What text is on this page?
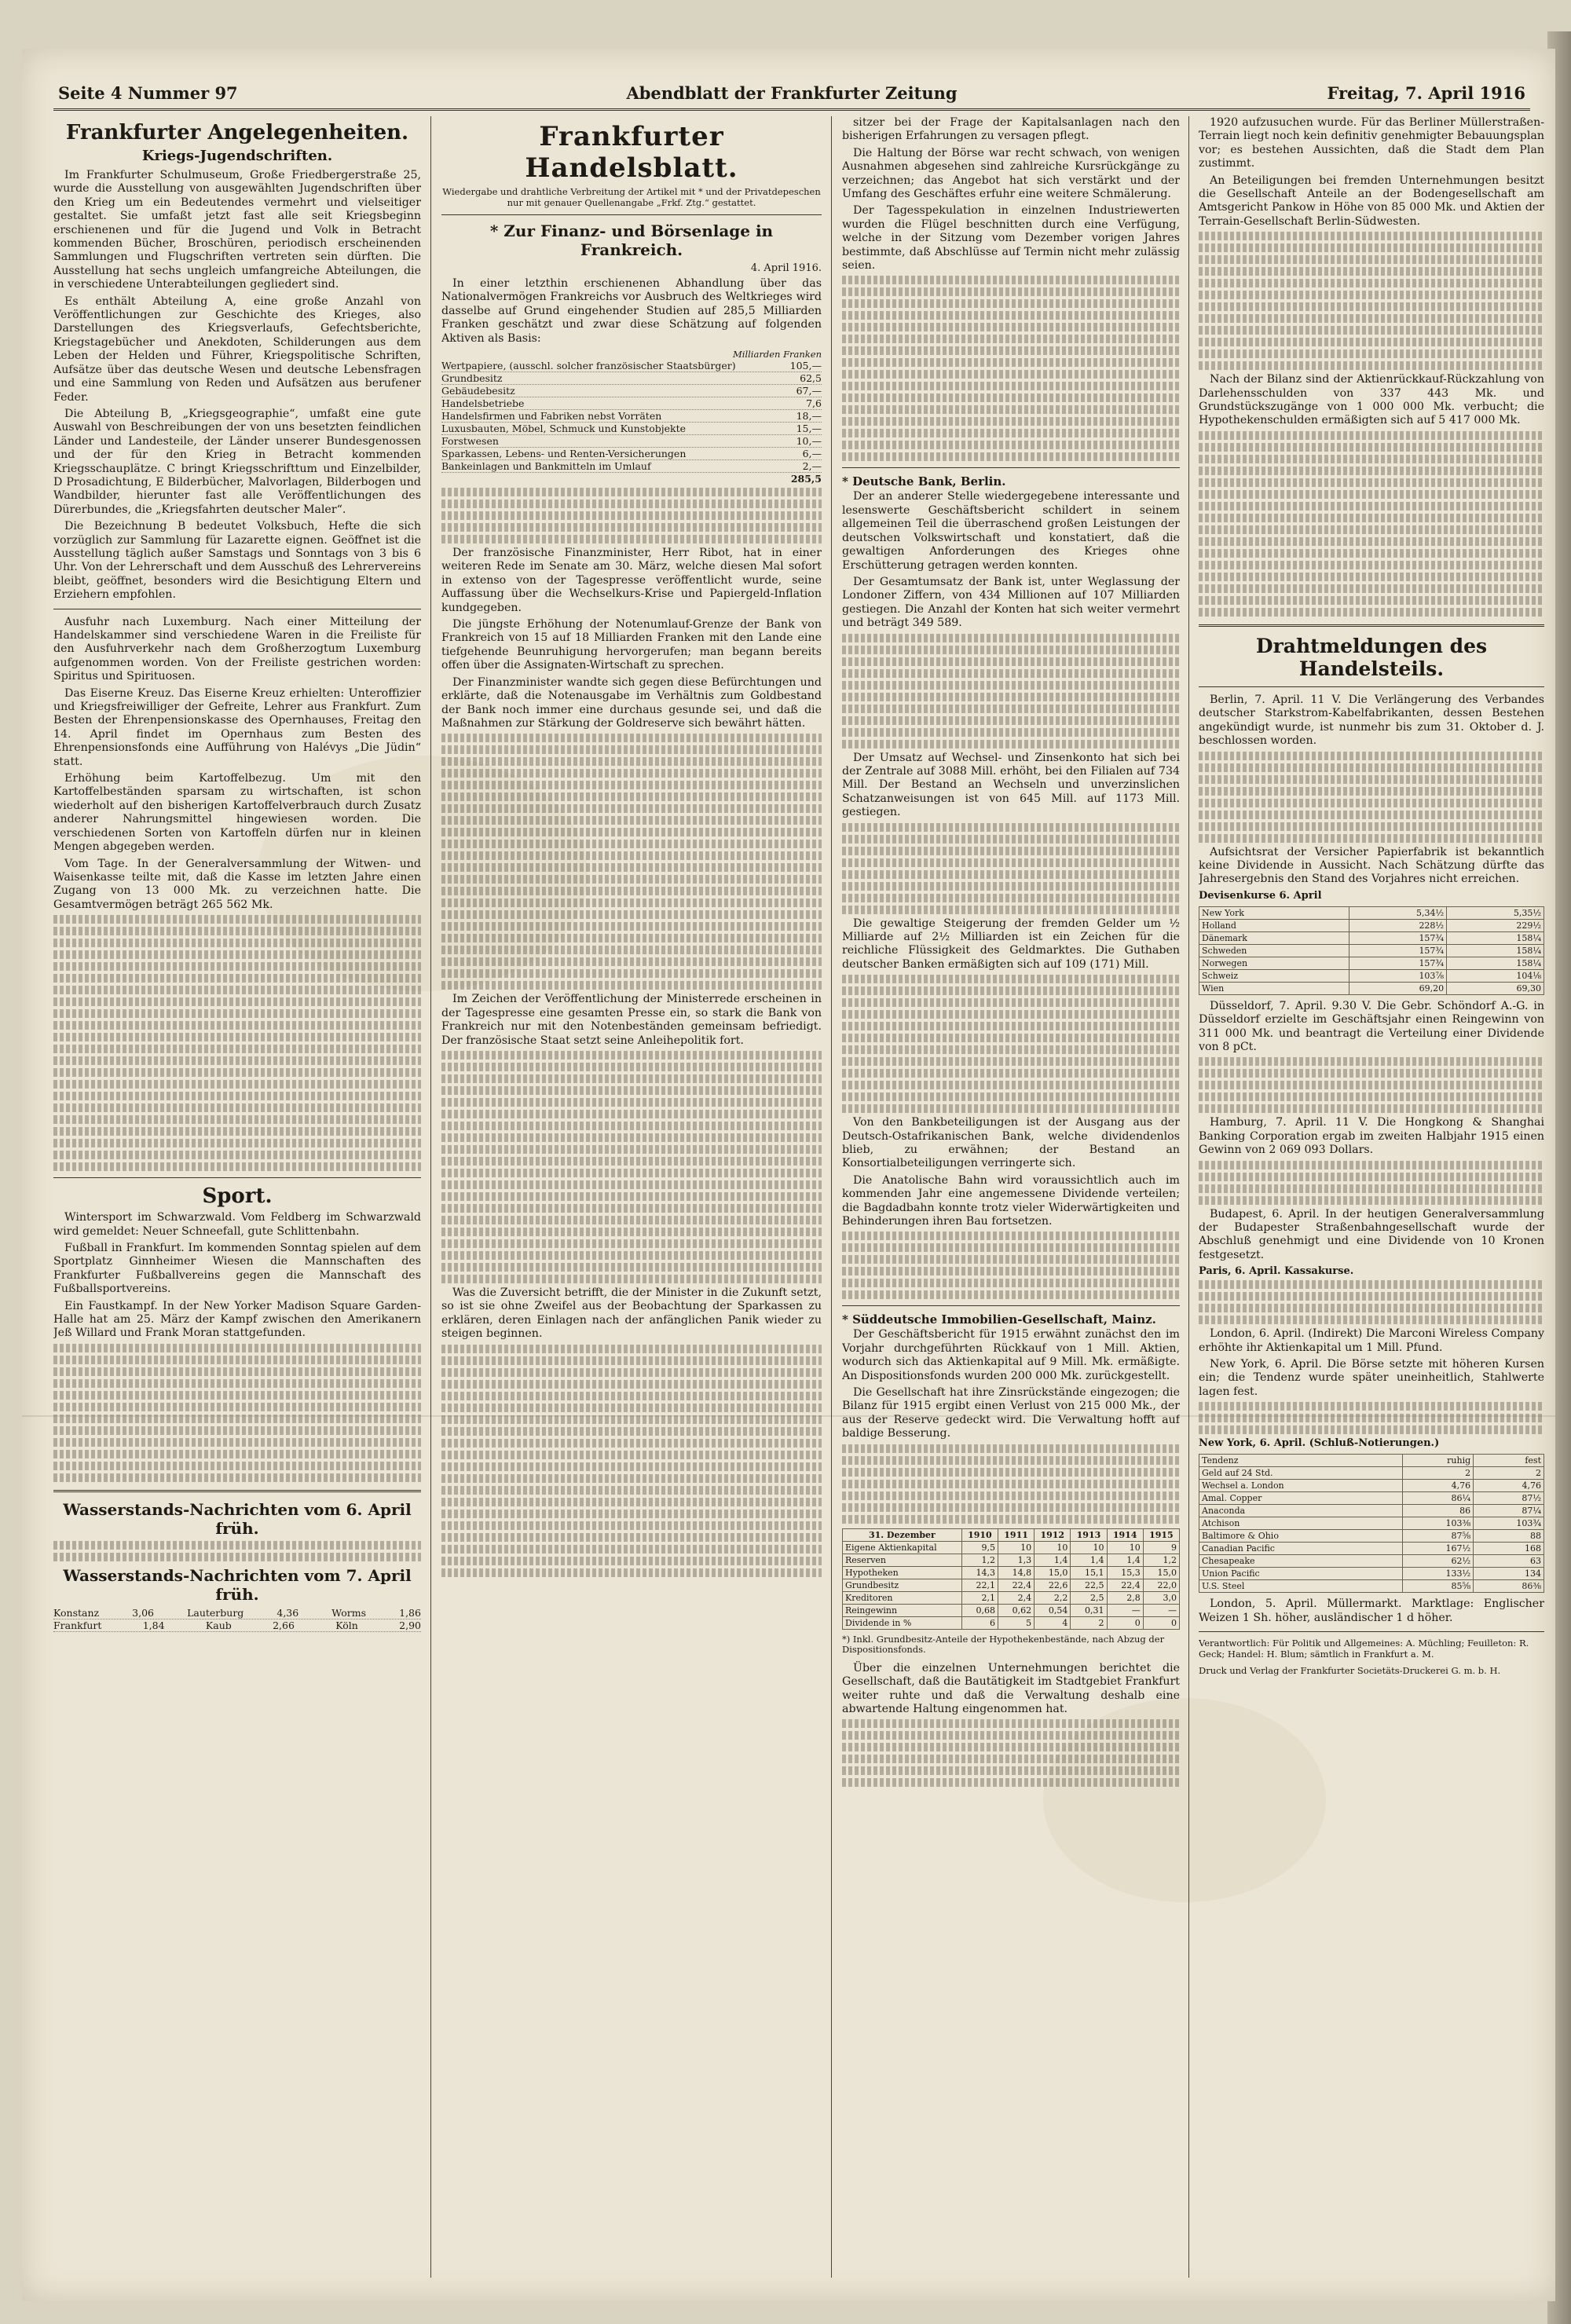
Seite 4 Nummer 97	Abendblatt der Frankfurter Zeitung	Freitag, 7. April 1916
Frankfurter Angelegenheiten.
Kriegs-Jugendschriften.

Im Frankfurter Schulmuseum, Große Friedbergerstraße 25, wurde die Ausstellung von ausgewählten Jugendschriften über den Krieg um ein Bedeutendes vermehrt und vielseitiger gestaltet. Sie umfaßt jetzt fast alle seit Kriegsbeginn erschienenen und für die Jugend und Volk in Betracht kommenden Bücher, Broschüren, periodisch erscheinenden Sammlungen und Flugschriften vertreten sein dürften. Die Ausstellung hat sechs ungleich umfangreiche Abteilungen, die in verschiedene Unterabteilungen gegliedert sind.

Es enthält Abteilung A, eine große Anzahl von Veröffentlichungen zur Geschichte des Krieges, also Darstellungen des Kriegsverlaufs, Gefechtsberichte, Kriegstagebücher und Anekdoten, Schilderungen aus dem Leben der Helden und Führer, Kriegspolitische Schriften, Aufsätze über das deutsche Wesen und deutsche Lebensfragen und eine Sammlung von Reden und Aufsätzen aus berufener Feder.

Die Abteilung B, „Kriegsgeographie“, umfaßt eine gute Auswahl von Beschreibungen der von uns besetzten feindlichen Länder und Landesteile, der Länder unserer Bundesgenossen und der für den Krieg in Betracht kommenden Kriegsschauplätze. C bringt Kriegsschrifttum und Einzelbilder, D Prosadichtung, E Bilderbücher, Malvorlagen, Bilderbogen und Wandbilder, hierunter fast alle Veröffentlichungen des Dürerbundes, die „Kriegsfahrten deutscher Maler“.

Die Bezeichnung B bedeutet Volksbuch, Hefte die sich vorzüglich zur Sammlung für Lazarette eignen. Geöffnet ist die Ausstellung täglich außer Samstags und Sonntags von 3 bis 6 Uhr. Von der Lehrerschaft und dem Ausschuß des Lehrervereins bleibt, geöffnet, besonders wird die Besichtigung Eltern und Erziehern empfohlen.

Ausfuhr nach Luxemburg. Nach einer Mitteilung der Handelskammer sind verschiedene Waren in die Freiliste für den Ausfuhrverkehr nach dem Großherzogtum Luxemburg aufgenommen worden. Von der Freiliste gestrichen worden: Spiritus und Spirituosen.

Das Eiserne Kreuz. Das Eiserne Kreuz erhielten: Unteroffizier und Kriegsfreiwilliger der Gefreite, Lehrer aus Frankfurt. Zum Besten der Ehrenpensionskasse des Opernhauses, Freitag den 14. April findet im Opernhaus zum Besten des Ehrenpensionsfonds eine Aufführung von Halévys „Die Jüdin“ statt.

Erhöhung beim Kartoffelbezug. Um mit den Kartoffelbeständen sparsam zu wirtschaften, ist schon wiederholt auf den bisherigen Kartoffelverbrauch durch Zusatz anderer Nahrungsmittel hingewiesen worden. Die verschiedenen Sorten von Kartoffeln dürfen nur in kleinen Mengen abgegeben werden.

Vom Tage. In der Generalversammlung der Witwen- und Waisenkasse teilte mit, daß die Kasse im letzten Jahre einen Zugang von 13 000 Mk. zu verzeichnen hatte. Die Gesamtvermögen beträgt 265 562 Mk.

Sport.

Wintersport im Schwarzwald. Vom Feldberg im Schwarzwald wird gemeldet: Neuer Schneefall, gute Schlittenbahn.

Fußball in Frankfurt. Im kommenden Sonntag spielen auf dem Sportplatz Ginnheimer Wiesen die Mannschaften des Frankfurter Fußballvereins gegen die Mannschaft des Fußballsportvereins.

Ein Faustkampf. In der New Yorker Madison Square Garden-Halle hat am 25. März der Kampf zwischen den Amerikanern Jeß Willard und Frank Moran stattgefunden.

Wasserstands-Nachrichten vom 6. April früh.
Wasserstands-Nachrichten vom 7. April früh.
Konstanz	3,06	Lauterburg	4,36	Worms	1,86
Frankfurt	1,84	Kaub	2,66	Köln	2,90
Frankfurter Handelsblatt.
Wiedergabe und drahtliche Verbreitung der Artikel mit * und der Privatdepeschen nur mit genauer Quellenangabe „Frkf. Ztg.“ gestattet.
* Zur Finanz- und Börsenlage in Frankreich.
4. April 1916.

In einer letzthin erschienenen Abhandlung über das Nationalvermögen Frankreichs vor Ausbruch des Weltkrieges wird dasselbe auf Grund eingehender Studien auf 285,5 Milliarden Franken geschätzt und zwar diese Schätzung auf folgenden Aktiven als Basis:

Milliarden Franken
Wertpapiere, (ausschl. solcher französischer Staatsbürger)	105,—
Grundbesitz	62,5
Gebäudebesitz	67,—
Handelsbetriebe	7,6
Handelsfirmen und Fabriken nebst Vorräten	18,—
Luxusbauten, Möbel, Schmuck und Kunstobjekte	15,—
Forstwesen	10,—
Sparkassen, Lebens- und Renten-Versicherungen	6,—
Bankeinlagen und Bankmitteln im Umlauf	2,—
285,5

Der französische Finanzminister, Herr Ribot, hat in einer weiteren Rede im Senate am 30. März, welche diesen Mal sofort in extenso von der Tagespresse veröffentlicht wurde, seine Auffassung über die Wechselkurs-Krise und Papiergeld-Inflation kundgegeben.

Die jüngste Erhöhung der Notenumlauf-Grenze der Bank von Frankreich von 15 auf 18 Milliarden Franken mit den Lande eine tiefgehende Beunruhigung hervorgerufen; man begann bereits offen über die Assignaten-Wirtschaft zu sprechen.

Der Finanzminister wandte sich gegen diese Befürchtungen und erklärte, daß die Notenausgabe im Verhältnis zum Goldbestand der Bank noch immer eine durchaus gesunde sei, und daß die Maßnahmen zur Stärkung der Goldreserve sich bewährt hätten.

Im Zeichen der Veröffentlichung der Ministerrede erscheinen in der Tagespresse eine gesamten Presse ein, so stark die Bank von Frankreich nur mit den Notenbeständen gemeinsam befriedigt. Der französische Staat setzt seine Anleihepolitik fort.

Was die Zuversicht betrifft, die der Minister in die Zukunft setzt, so ist sie ohne Zweifel aus der Beobachtung der Sparkassen zu erklären, deren Einlagen nach der anfänglichen Panik wieder zu steigen beginnen.

sitzer bei der Frage der Kapitalsanlagen nach den bisherigen Erfahrungen zu versagen pflegt.

Die Haltung der Börse war recht schwach, von wenigen Ausnahmen abgesehen sind zahlreiche Kursrückgänge zu verzeichnen; das Angebot hat sich verstärkt und der Umfang des Geschäftes erfuhr eine weitere Schmälerung.

Der Tagesspekulation in einzelnen Industriewerten wurden die Flügel beschnitten durch eine Verfügung, welche in der Sitzung vom Dezember vorigen Jahres bestimmte, daß Abschlüsse auf Termin nicht mehr zulässig seien.

* Deutsche Bank, Berlin.

Der an anderer Stelle wiedergegebene interessante und lesenswerte Geschäftsbericht schildert in seinem allgemeinen Teil die überraschend großen Leistungen der deutschen Volkswirtschaft und konstatiert, daß die gewaltigen Anforderungen des Krieges ohne Erschütterung getragen werden konnten.

Der Gesamtumsatz der Bank ist, unter Weglassung der Londoner Ziffern, von 434 Millionen auf 107 Milliarden gestiegen. Die Anzahl der Konten hat sich weiter vermehrt und beträgt 349 589.

Der Umsatz auf Wechsel- und Zinsenkonto hat sich bei der Zentrale auf 3088 Mill. erhöht, bei den Filialen auf 734 Mill. Der Bestand an Wechseln und unverzinslichen Schatzanweisungen ist von 645 Mill. auf 1173 Mill. gestiegen.

Die gewaltige Steigerung der fremden Gelder um ½ Milliarde auf 2½ Milliarden ist ein Zeichen für die reichliche Flüssigkeit des Geldmarktes. Die Guthaben deutscher Banken ermäßigten sich auf 109 (171) Mill.

Von den Bankbeteiligungen ist der Ausgang aus der Deutsch-Ostafrikanischen Bank, welche dividendenlos blieb, zu erwähnen; der Bestand an Konsortialbeteiligungen verringerte sich.

Die Anatolische Bahn wird voraussichtlich auch im kommenden Jahr eine angemessene Dividende verteilen; die Bagdadbahn konnte trotz vieler Widerwärtigkeiten und Behinderungen ihren Bau fortsetzen.

* Süddeutsche Immobilien-Gesellschaft, Mainz.

Der Geschäftsbericht für 1915 erwähnt zunächst den im Vorjahr durchgeführten Rückkauf von 1 Mill. Aktien, wodurch sich das Aktienkapital auf 9 Mill. Mk. ermäßigte. An Dispositionsfonds wurden 200 000 Mk. zurückgestellt.

Die Gesellschaft hat ihre Zinsrückstände eingezogen; die Bilanz für 1915 ergibt einen Verlust von 215 000 Mk., der aus der Reserve gedeckt wird. Die Verwaltung hofft auf baldige Besserung.

31. Dezember	1910	1911	1912	1913	1914	1915
Eigene Aktienkapital	9,5	10	10	10	10	9
Reserven	1,2	1,3	1,4	1,4	1,4	1,2
Hypotheken	14,3	14,8	15,0	15,1	15,3	15,0
Grundbesitz	22,1	22,4	22,6	22,5	22,4	22,0
Kreditoren	2,1	2,4	2,2	2,5	2,8	3,0
Reingewinn	0,68	0,62	0,54	0,31	—	—
Dividende in %	6	5	4	2	0	0
*) Inkl. Grundbesitz-Anteile der Hypothekenbestände, nach Abzug der Dispositionsfonds.

Über die einzelnen Unternehmungen berichtet die Gesellschaft, daß die Bautätigkeit im Stadtgebiet Frankfurt weiter ruhte und daß die Verwaltung deshalb eine abwartende Haltung eingenommen hat.

1920 aufzusuchen wurde. Für das Berliner Müllerstraßen-Terrain liegt noch kein definitiv genehmigter Bebauungsplan vor; es bestehen Aussichten, daß die Stadt dem Plan zustimmt.

An Beteiligungen bei fremden Unternehmungen besitzt die Gesellschaft Anteile an der Bodengesellschaft am Amtsgericht Pankow in Höhe von 85 000 Mk. und Aktien der Terrain-Gesellschaft Berlin-Südwesten.

Nach der Bilanz sind der Aktienrückkauf-Rückzahlung von Darlehensschulden von 337 443 Mk. und Grundstückszugänge von 1 000 000 Mk. verbucht; die Hypothekenschulden ermäßigten sich auf 5 417 000 Mk.

Drahtmeldungen des Handelsteils.

Berlin, 7. April. 11 V. Die Verlängerung des Verbandes deutscher Starkstrom-Kabelfabrikanten, dessen Bestehen angekündigt wurde, ist nunmehr bis zum 31. Oktober d. J. beschlossen worden.

Aufsichtsrat der Versicher Papierfabrik ist bekanntlich keine Dividende in Aussicht. Nach Schätzung dürfte das Jahresergebnis den Stand des Vorjahres nicht erreichen.

Devisenkurse 6. April
New York	5,34½	5,35½
Holland	228½	229½
Dänemark	157¾	158¼
Schweden	157¾	158¼
Norwegen	157¾	158¼
Schweiz	103⅞	104⅛
Wien	69,20	69,30

Düsseldorf, 7. April. 9.30 V. Die Gebr. Schöndorf A.-G. in Düsseldorf erzielte im Geschäftsjahr einen Reingewinn von 311 000 Mk. und beantragt die Verteilung einer Dividende von 8 pCt.

Hamburg, 7. April. 11 V. Die Hongkong & Shanghai Banking Corporation ergab im zweiten Halbjahr 1915 einen Gewinn von 2 069 093 Dollars.

Budapest, 6. April. In der heutigen Generalversammlung der Budapester Straßenbahngesellschaft wurde der Abschluß genehmigt und eine Dividende von 10 Kronen festgesetzt.

Paris, 6. April. Kassakurse.

London, 6. April. (Indirekt) Die Marconi Wireless Company erhöhte ihr Aktienkapital um 1 Mill. Pfund.

New York, 6. April. Die Börse setzte mit höheren Kursen ein; die Tendenz wurde später uneinheitlich, Stahlwerte lagen fest.

New York, 6. April. (Schluß-Notierungen.)
Tendenz	ruhig	fest
Geld auf 24 Std.	2	2
Wechsel a. London	4,76	4,76
Amal. Copper	86¼	87½
Anaconda	86	87¼
Atchison	103⅜	103¾
Baltimore & Ohio	87⅝	88
Canadian Pacific	167½	168
Chesapeake	62½	63
Union Pacific	133½	134
U.S. Steel	85⅝	86⅜

London, 5. April. Müllermarkt. Marktlage: Englischer Weizen 1 Sh. höher, ausländischer 1 d höher.

Verantwortlich: Für Politik und Allgemeines: A. Müchling; Feuilleton: R. Geck; Handel: H. Blum; sämtlich in Frankfurt a. M.
Druck und Verlag der Frankfurter Societäts-Druckerei G. m. b. H.
